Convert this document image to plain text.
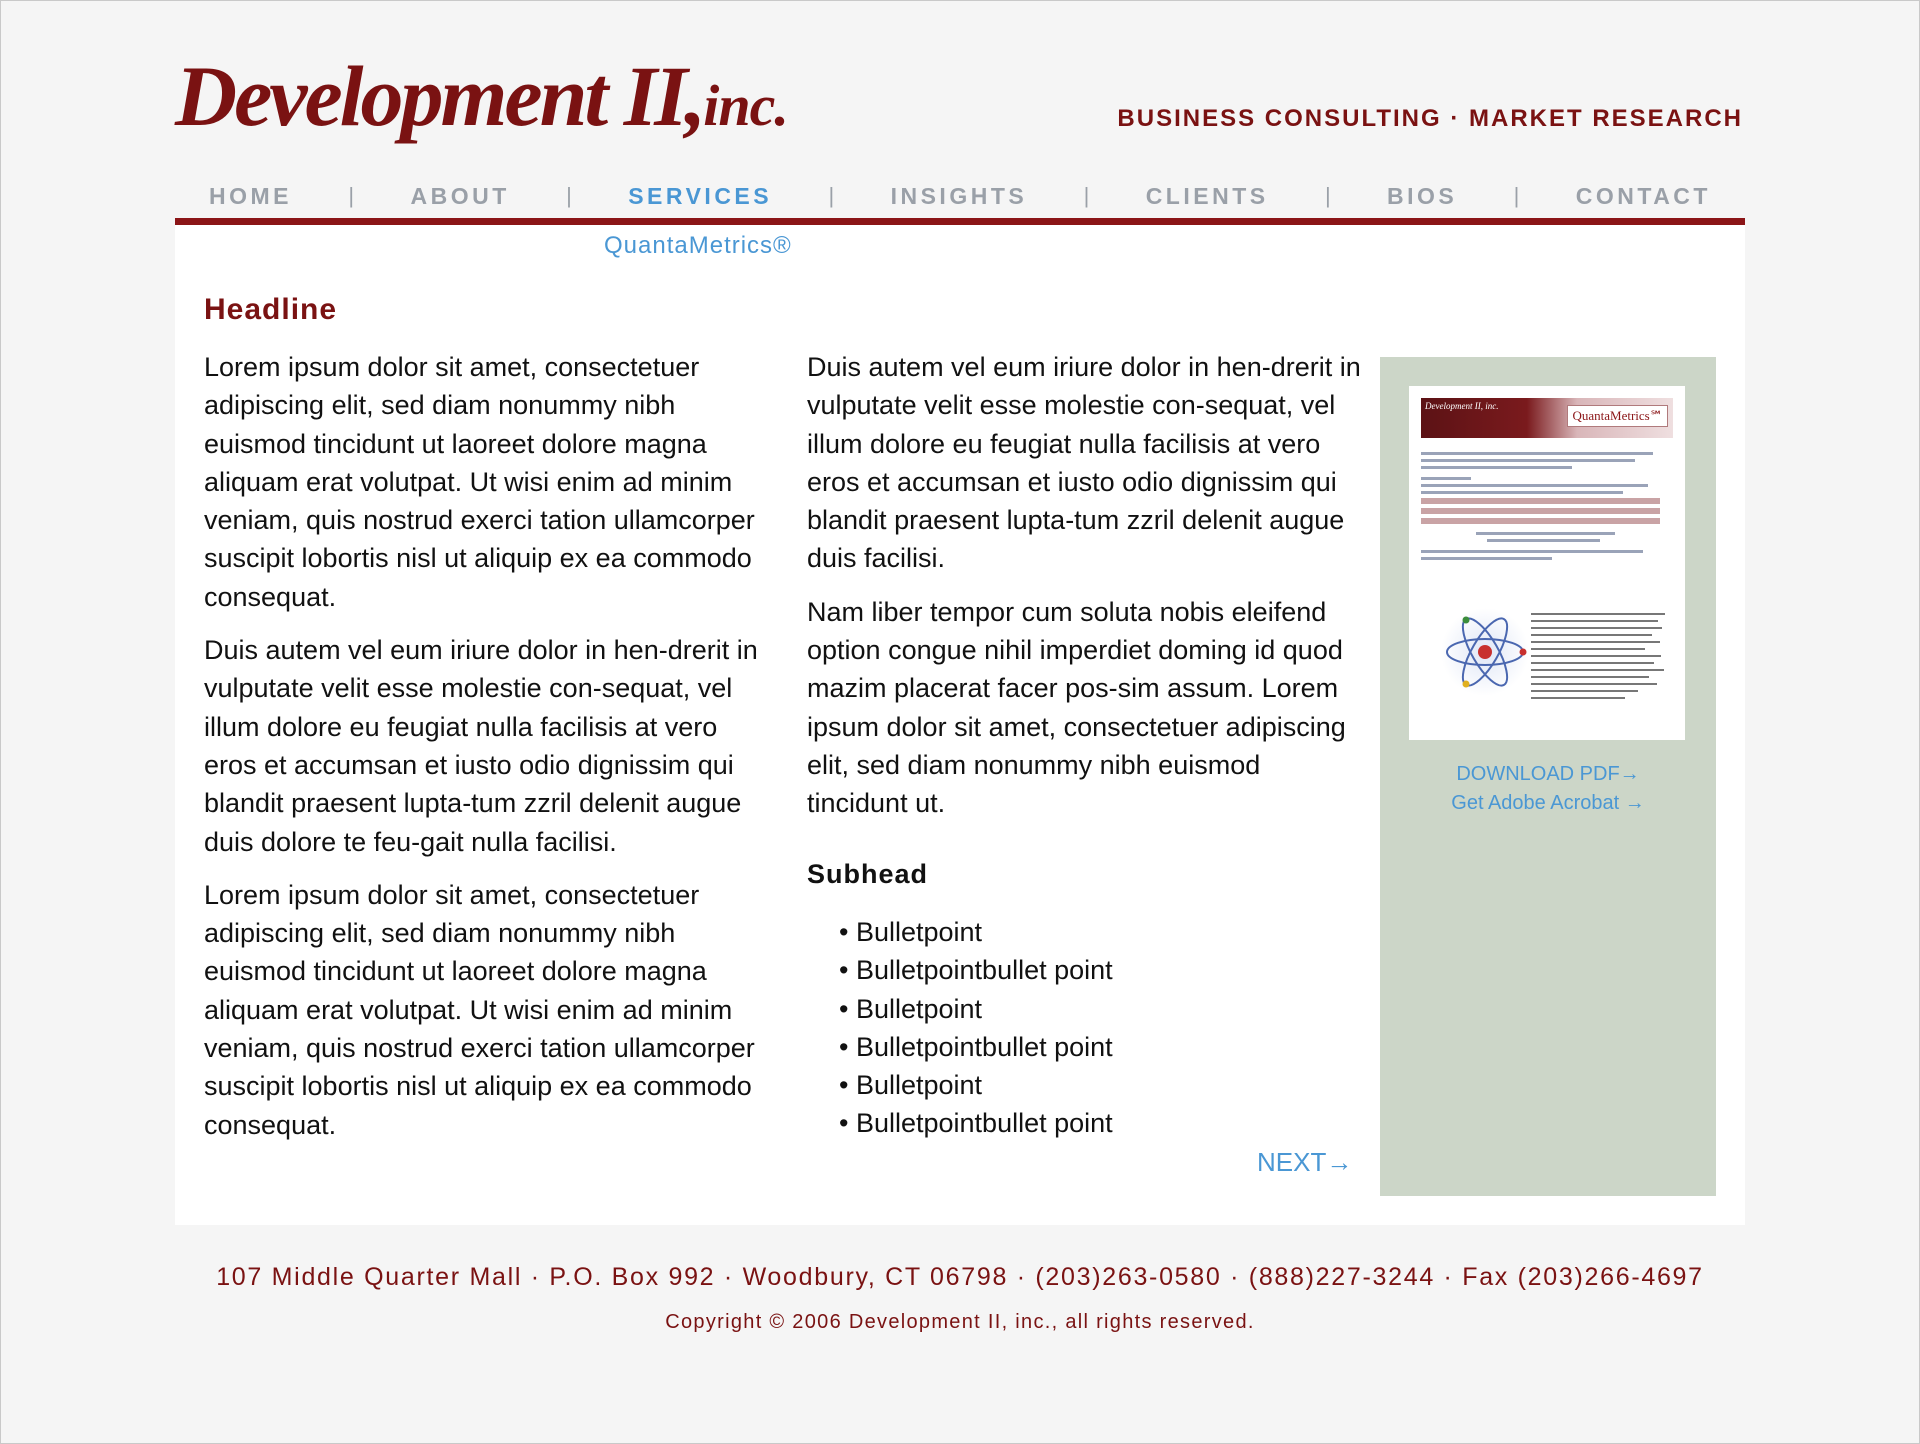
Development II,inc.	BUSINESS CONSULTING · MARKET RESEARCH
HOME	| ABOUT	| SERVICES	| INSIGHTS	| CLIENTS	| BIOS	| CONTACT
QuantaMetrics®
Headline

Lorem ipsum dolor sit amet, consectetuer adipiscing elit, sed diam nonummy nibh euismod tincidunt ut laoreet dolore magna aliquam erat volutpat. Ut wisi enim ad minim veniam, quis nostrud exerci tation ullamcorper suscipit lobortis nisl ut aliquip ex ea commodo consequat.

Duis autem vel eum iriure dolor in hen-drerit in vulputate velit esse molestie con-sequat, vel illum dolore eu feugiat nulla facilisis at vero eros et accumsan et iusto odio dignissim qui blandit praesent lupta-tum zzril delenit augue duis dolore te feu-gait nulla facilisi.

Lorem ipsum dolor sit amet, consectetuer adipiscing elit, sed diam nonummy nibh euismod tincidunt ut laoreet dolore magna aliquam erat volutpat. Ut wisi enim ad minim veniam, quis nostrud exerci tation ullamcorper suscipit lobortis nisl ut aliquip ex ea commodo consequat.

Duis autem vel eum iriure dolor in hen-drerit in vulputate velit esse molestie con-sequat, vel illum dolore eu feugiat nulla facilisis at vero eros et accumsan et iusto odio dignissim qui blandit praesent lupta-tum zzril delenit augue duis facilisi.

Nam liber tempor cum soluta nobis eleifend option congue nihil imperdiet doming id quod mazim placerat facer pos-sim assum. Lorem ipsum dolor sit amet, consectetuer adipiscing elit, sed diam nonummy nibh euismod tincidunt ut.

Subhead
• Bulletpoint
• Bulletpointbullet point
• Bulletpoint
• Bulletpointbullet point
• Bulletpoint
• Bulletpointbullet point
NEXT→
Development II, inc.
QuantaMetrics℠
DOWNLOAD PDF→
Get Adobe Acrobat →
107 Middle Quarter Mall · P.O. Box 992 · Woodbury, CT 06798 · (203)263-0580 · (888)227-3244 · Fax (203)266-4697
Copyright © 2006 Development II, inc., all rights reserved.
